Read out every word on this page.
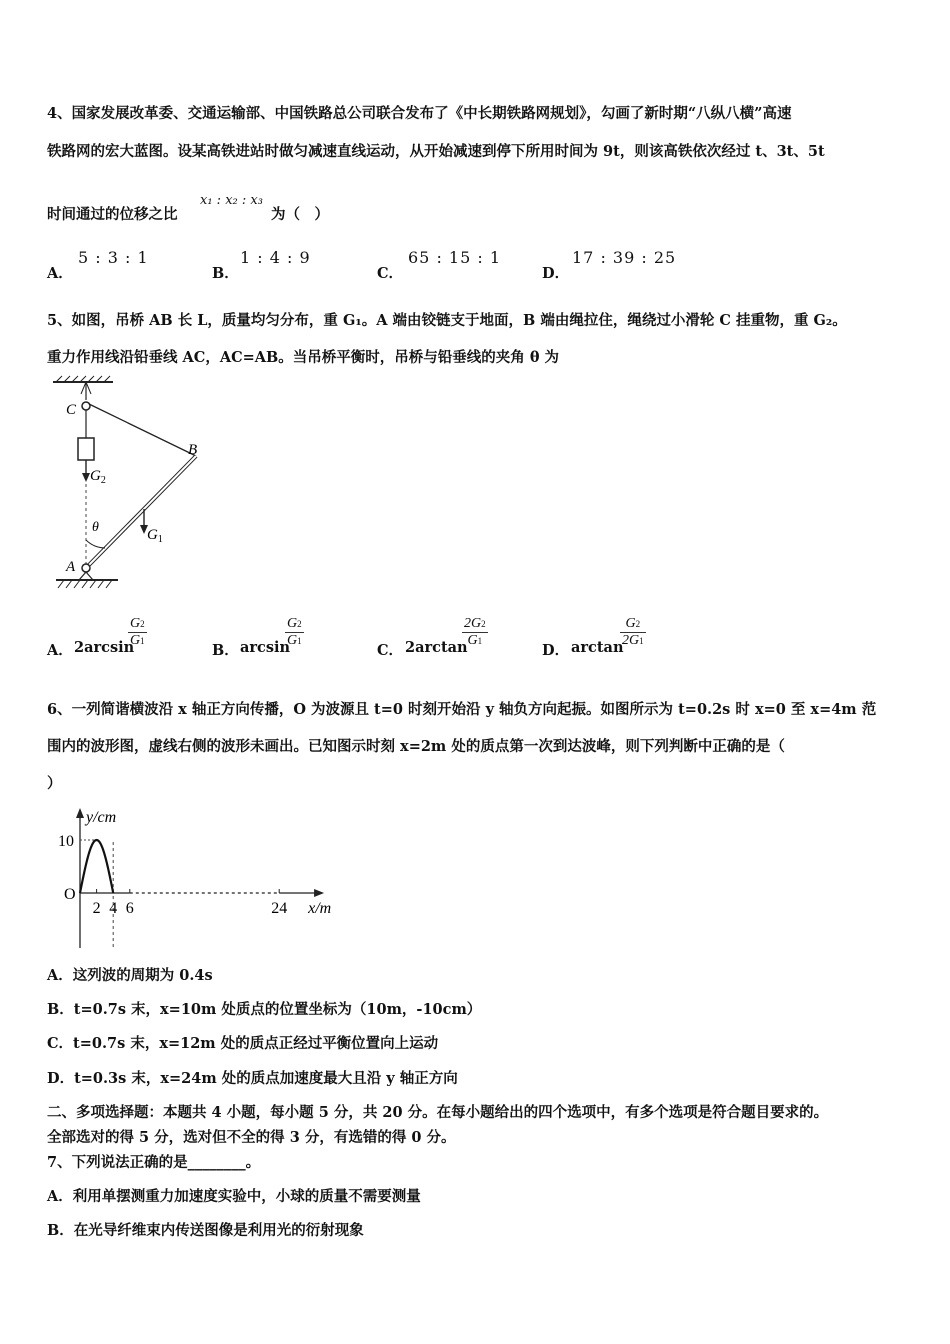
4、国家发展改革委、交通运输部、中国铁路总公司联合发布了《中长期铁路网规划》，勾画了新时期“八纵八横”高速
铁路网的宏大蓝图。设某高铁进站时做匀减速直线运动，从开始减速到停下所用时间为 9t，则该高铁依次经过 t、3t、5t
时间通过的位移之比
x₁ : x₂ : x₃
为（　）
A．
5 : 3 : 1
B．
1 : 4 : 9
C．
65 : 15 : 1
D．
17 : 39 : 25
5、如图，吊桥 AB 长 L，质量均匀分布，重 G₁。A 端由铰链支于地面，B 端由绳拉住，绳绕过小滑轮 C 挂重物，重 G₂。
重力作用线沿铅垂线 AC，AC=AB。当吊桥平衡时，吊桥与铅垂线的夹角 θ 为
C
B
A
$G_2$
$G_1$
θ
A． 2arcsin
G2
G1
B． arcsin
G2
G1
C． 2arctan
2G2
G1
D． arctan
G2
2G1
6、一列简谐横波沿 x 轴正方向传播，O 为波源且 t=0 时刻开始沿 y 轴负方向起振。如图所示为 t=0.2s 时 x=0 至 x=4m 范
围内的波形图，虚线右侧的波形未画出。已知图示时刻 x=2m 处的质点第一次到达波峰，则下列判断中正确的是（
）
2 4 6	24
10
O
y/cm
x/m
A．这列波的周期为 0.4s
B．t=0.7s 末，x=10m 处质点的位置坐标为（10m，-10cm）
C．t=0.7s 末，x=12m 处的质点正经过平衡位置向上运动
D．t=0.3s 末，x=24m 处的质点加速度最大且沿 y 轴正方向
二、多项选择题：本题共 4 小题，每小题 5 分，共 20 分。在每小题给出的四个选项中，有多个选项是符合题目要求的。
全部选对的得 5 分，选对但不全的得 3 分，有选错的得 0 分。
7、下列说法正确的是________。
A．利用单摆测重力加速度实验中，小球的质量不需要测量
B．在光导纤维束内传送图像是利用光的衍射现象
